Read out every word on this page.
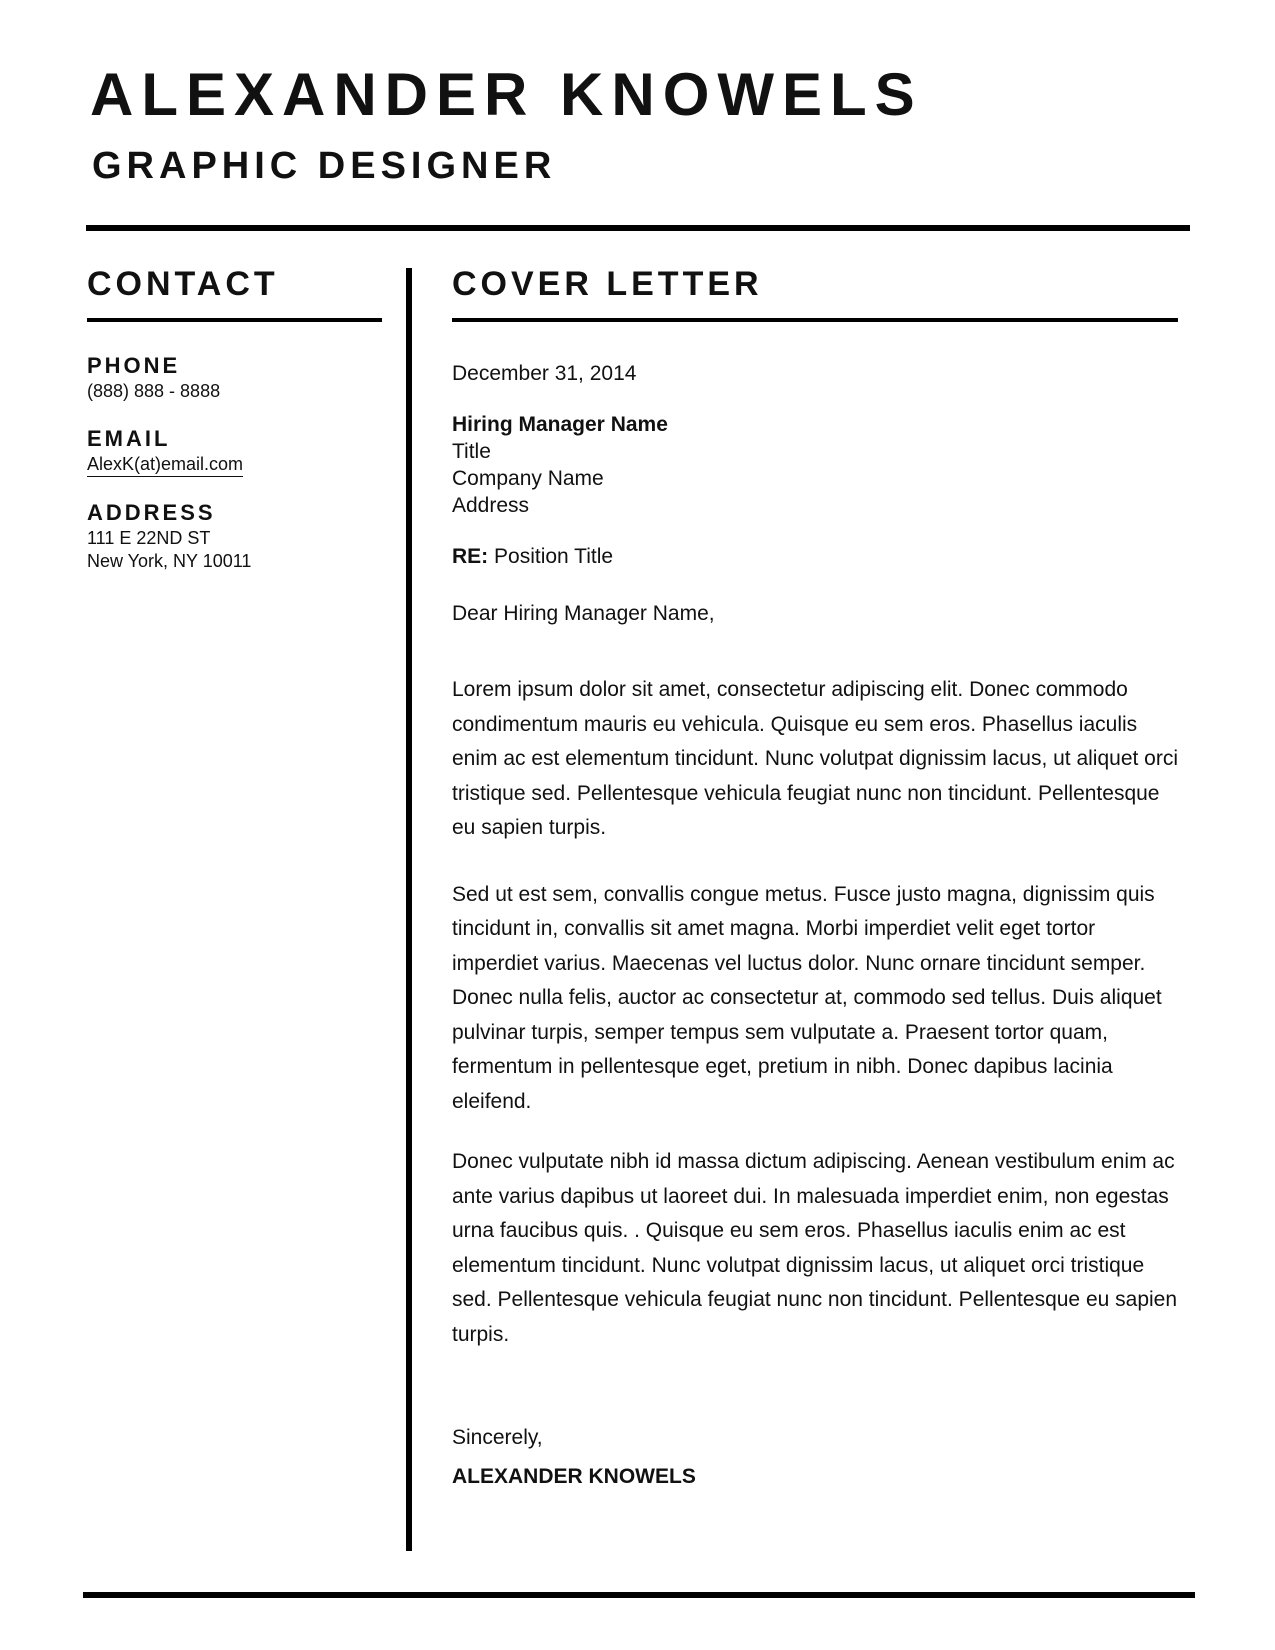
ALEXANDER KNOWELS
GRAPHIC DESIGNER
CONTACT

PHONE

(888) 888 - 8888

EMAIL

AlexK(at)email.com

ADDRESS

111 E 22ND ST

New York, NY 10011

COVER LETTER

December 31, 2014

Hiring Manager Name

Title

Company Name

Address

RE: Position Title

Dear Hiring Manager Name,

Lorem ipsum dolor sit amet, consectetur adipiscing elit. Donec commodo condimentum mauris eu vehicula. Quisque eu sem eros. Phasellus iaculis enim ac est elementum tincidunt. Nunc volutpat dignissim lacus, ut aliquet orci tristique sed. Pellentesque vehicula feugiat nunc non tincidunt. Pellentesque eu sapien turpis.

Sed ut est sem, convallis congue metus. Fusce justo magna, dignissim quis tincidunt in, convallis sit amet magna. Morbi imperdiet velit eget tortor imperdiet varius. Maecenas vel luctus dolor. Nunc ornare tincidunt semper. Donec nulla felis, auctor ac consectetur at, commodo sed tellus. Duis aliquet pulvinar turpis, semper tempus sem vulputate a. Praesent tortor quam, fermentum in pellentesque eget, pretium in nibh. Donec dapibus lacinia eleifend.

Donec vulputate nibh id massa dictum adipiscing. Aenean vestibulum enim ac ante varius dapibus ut laoreet dui. In malesuada imperdiet enim, non egestas urna faucibus quis. . Quisque eu sem eros. Phasellus iaculis enim ac est elementum tincidunt. Nunc volutpat dignissim lacus, ut aliquet orci tristique sed. Pellentesque vehicula feugiat nunc non tincidunt. Pellentesque eu sapien turpis.

Sincerely,

ALEXANDER KNOWELS
